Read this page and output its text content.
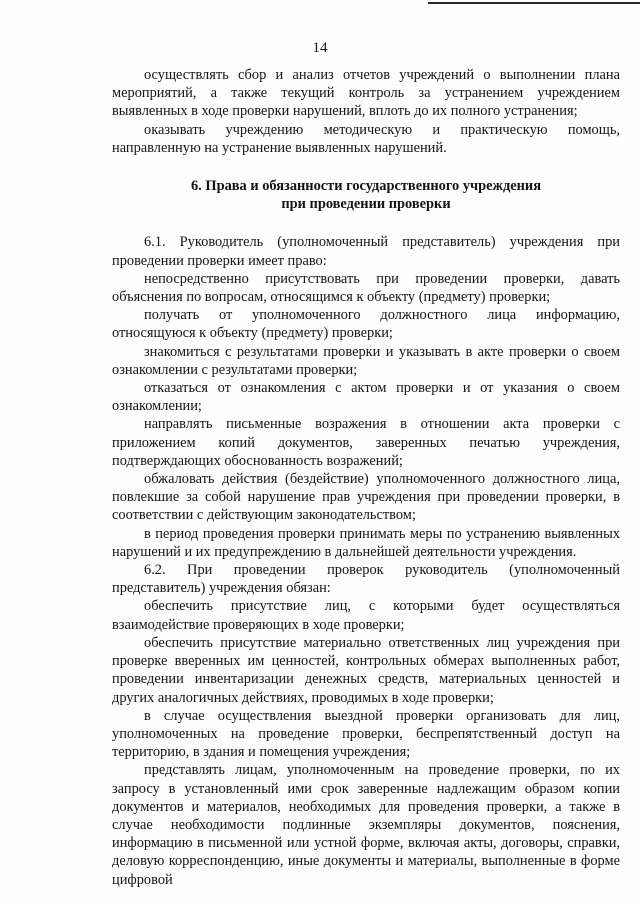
14

осуществлять сбор и анализ отчетов учреждений о выполнении плана мероприятий, а также текущий контроль за устранением учреждением выявленных в ходе проверки нарушений, вплоть до их полного устранения;

оказывать учреждению методическую и практическую помощь, направленную на устранение выявленных нарушений.

6. Права и обязанности государственного учреждения
при проведении проверки

6.1. Руководитель (уполномоченный представитель) учреждения при проведении проверки имеет право:

непосредственно присутствовать при проведении проверки, давать объяснения по вопросам, относящимся к объекту (предмету) проверки;

получать от уполномоченного должностного лица информацию, относящуюся к объекту (предмету) проверки;

знакомиться с результатами проверки и указывать в акте проверки о своем ознакомлении с результатами проверки;

отказаться от ознакомления с актом проверки и от указания о своем ознакомлении;

направлять письменные возражения в отношении акта проверки с приложением копий документов, заверенных печатью учреждения, подтверждающих обоснованность возражений;

обжаловать действия (бездействие) уполномоченного должностного лица, повлекшие за собой нарушение прав учреждения при проведении проверки, в соответствии с действующим законодательством;

в период проведения проверки принимать меры по устранению выявленных нарушений и их предупреждению в дальнейшей деятельности учреждения.

6.2. При проведении проверок руководитель (уполномоченный представитель) учреждения обязан:

обеспечить присутствие лиц, с которыми будет осуществляться взаимодействие проверяющих в ходе проверки;

обеспечить присутствие материально ответственных лиц учреждения при проверке вверенных им ценностей, контрольных обмерах выполненных работ, проведении инвентаризации денежных средств, материальных ценностей и других аналогичных действиях, проводимых в ходе проверки;

в случае осуществления выездной проверки организовать для лиц, уполномоченных на проведение проверки, беспрепятственный доступ на территорию, в здания и помещения учреждения;

представлять лицам, уполномоченным на проведение проверки, по их запросу в установленный ими срок заверенные надлежащим образом копии документов и материалов, необходимых для проведения проверки, а также в случае необходимости подлинные экземпляры документов, пояснения, информацию в письменной или устной форме, включая акты, договоры, справки, деловую корреспонденцию, иные документы и материалы, выполненные в форме цифровой
